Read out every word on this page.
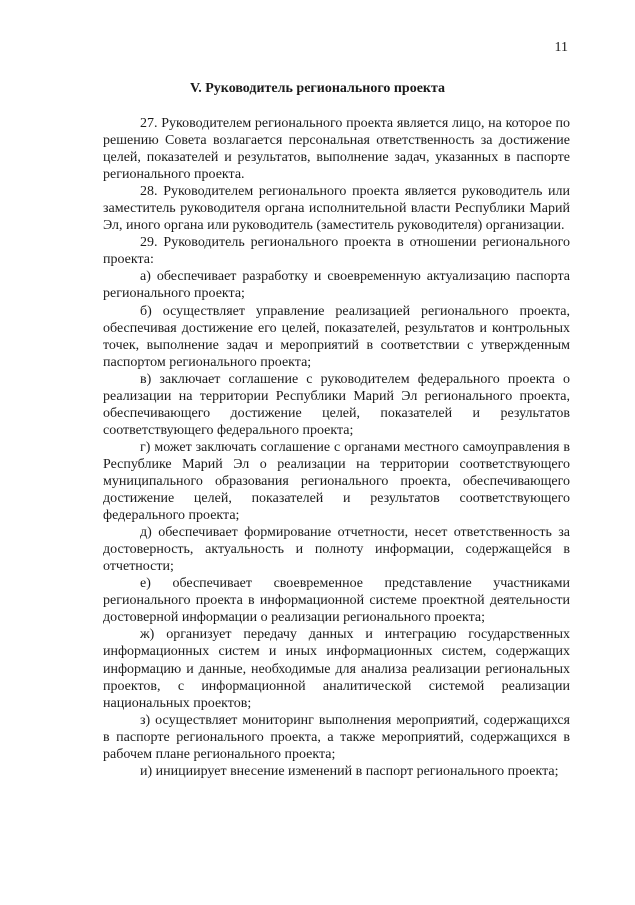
11
V. Руководитель регионального проекта

27. Руководителем регионального проекта является лицо, на которое по решению Совета возлагается персональная ответственность за достижение целей, показателей и результатов, выполнение задач, указанных в паспорте регионального проекта.

28. Руководителем регионального проекта является руководитель или заместитель руководителя органа исполнительной власти Республики Марий Эл, иного органа или руководитель (заместитель руководителя) организации.

29. Руководитель регионального проекта в отношении регионального проекта:

а) обеспечивает разработку и своевременную актуализацию паспорта регионального проекта;

б) осуществляет управление реализацией регионального проекта, обеспечивая достижение его целей, показателей, результатов и контрольных точек, выполнение задач и мероприятий в соответствии с утвержденным паспортом регионального проекта;

в) заключает соглашение с руководителем федерального проекта о реализации на территории Республики Марий Эл регионального проекта, обеспечивающего достижение целей, показателей и результатов соответствующего федерального проекта;

г) может заключать соглашение с органами местного самоуправления в Республике Марий Эл о реализации на территории соответствующего муниципального образования регионального проекта, обеспечивающего достижение целей, показателей и результатов соответствующего федерального проекта;

д) обеспечивает формирование отчетности, несет ответственность за достоверность, актуальность и полноту информации, содержащейся в отчетности;

е) обеспечивает своевременное представление участниками регионального проекта в информационной системе проектной деятельности достоверной информации о реализации регионального проекта;

ж) организует передачу данных и интеграцию государственных информационных систем и иных информационных систем, содержащих информацию и данные, необходимые для анализа реализации региональных проектов, с информационной аналитической системой реализации национальных проектов;

з) осуществляет мониторинг выполнения мероприятий, содержащихся в паспорте регионального проекта, а также мероприятий, содержащихся в рабочем плане регионального проекта;

и) инициирует внесение изменений в паспорт регионального проекта;
